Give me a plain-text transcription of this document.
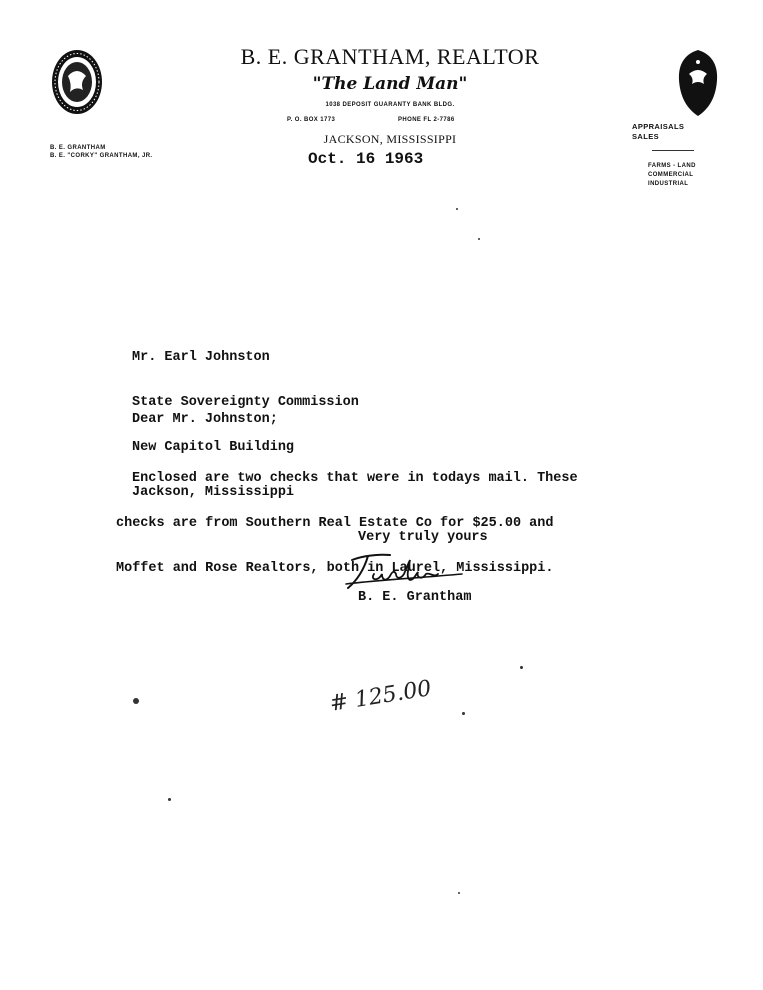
B. E. GRANTHAM, REALTOR
"The Land Man"
1038 DEPOSIT GUARANTY BANK BLDG.
P. O. BOX 1773	PHONE FL 2-7786
JACKSON, MISSISSIPPI
B. E. GRANTHAM
B. E. "CORKY" GRANTHAM, JR.
APPRAISALS
SALES
FARMS - LAND
COMMERCIAL
INDUSTRIAL
Oct. 16 1963

Mr. Earl Johnston

State Sovereignty Commission

New Capitol Building

Jackson, Mississippi

Dear Mr. Johnston;

Enclosed are two checks that were in todays mail. These

checks are from Southern Real Estate Co for $25.00 and

Moffet and Rose Realtors, both in Laurel, Mississippi.

Very truly yours
B. E. Grantham
# 125.00
